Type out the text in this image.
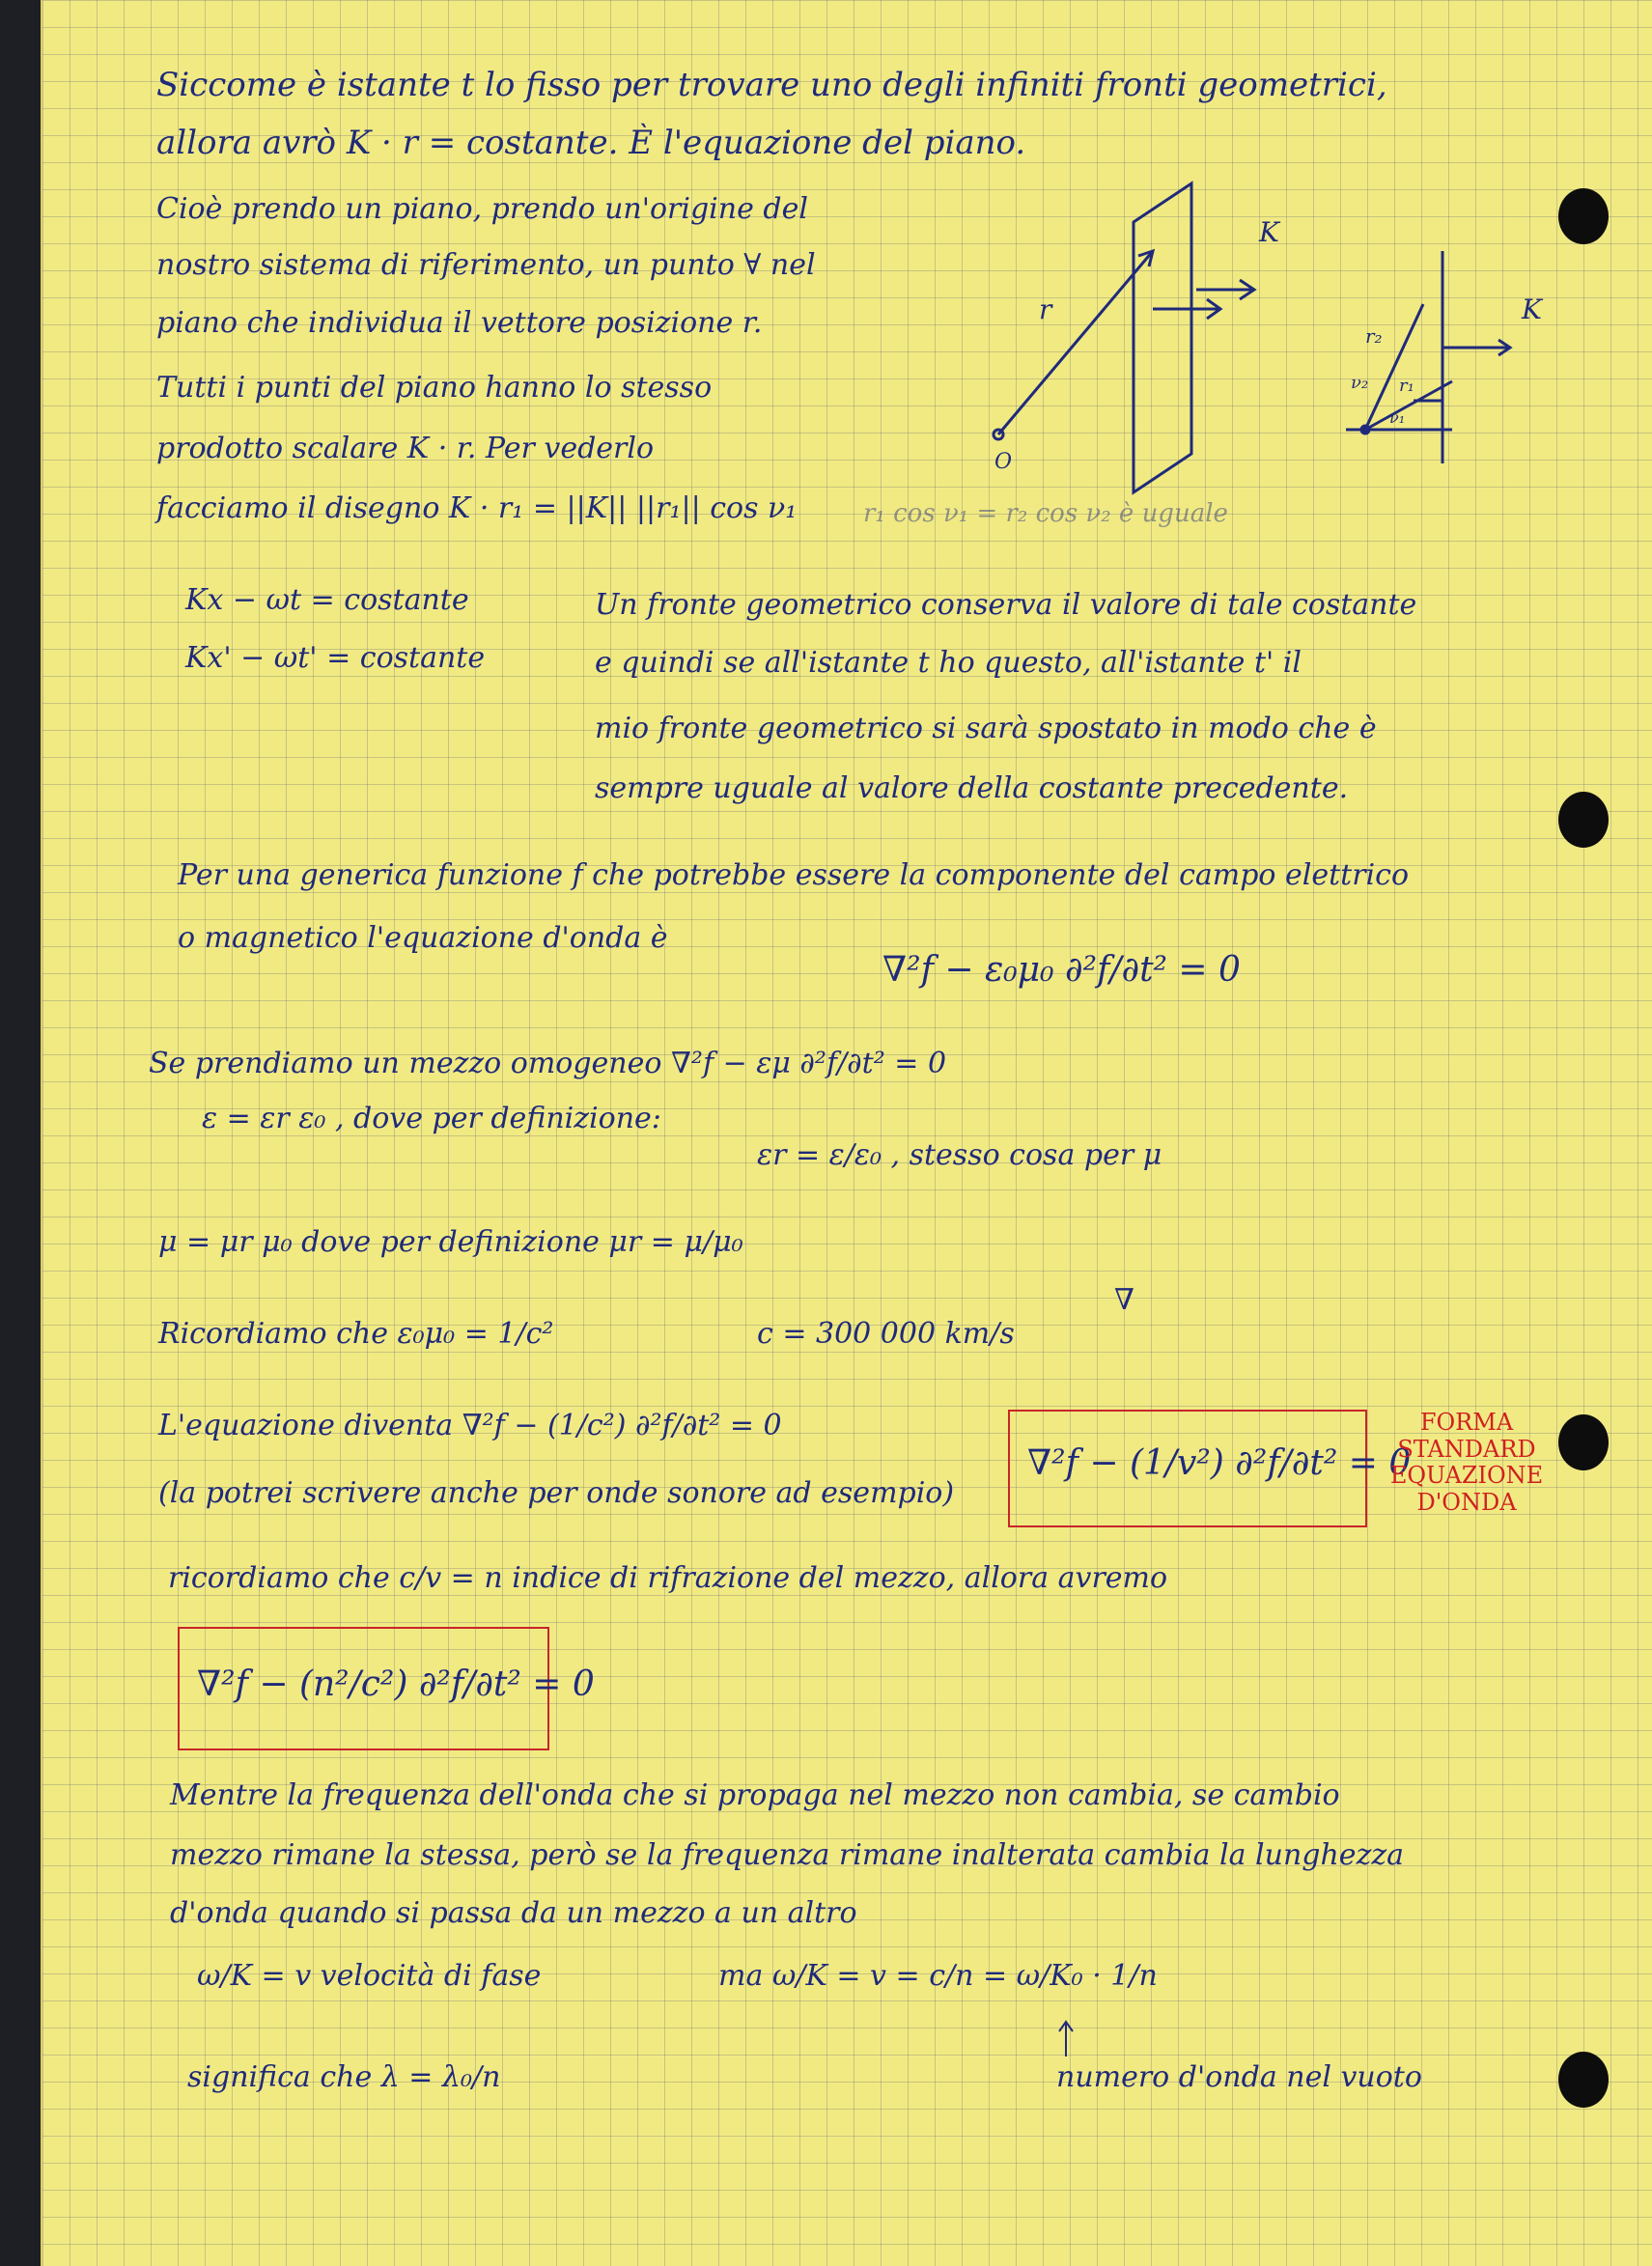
Siccome è istante t lo fisso per trovare uno degli infiniti fronti geometrici,
allora avrò K · r = costante. È l'equazione del piano.
Cioè prendo un piano, prendo un'origine del
nostro sistema di riferimento, un punto ∀ nel
piano che individua il vettore posizione r.
Tutti i punti del piano hanno lo stesso
prodotto scalare K · r. Per vederlo
facciamo il disegno K · r₁ = ||K|| ||r₁|| cos ν₁	r₁ cos ν₁ = r₂ cos ν₂ è uguale
K
r
O
K
r₂
r₁
ν₂
ν₁
Kx − ωt = costante
Kx' − ωt' = costante
Un fronte geometrico conserva il valore di tale costante
e quindi se all'istante t ho questo, all'istante t' il
mio fronte geometrico si sarà spostato in modo che è
sempre uguale al valore della costante precedente.
Per una generica funzione f che potrebbe essere la componente del campo elettrico
o magnetico l'equazione d'onda è
∇²f − ε₀μ₀ ∂²f/∂t² = 0
Se prendiamo un mezzo omogeneo ∇²f − εμ ∂²f/∂t² = 0
ε = εr ε₀ , dove per definizione:
εr = ε/ε₀ , stesso cosa per μ
μ = μr μ₀ dove per definizione μr = μ/μ₀
Ricordiamo che ε₀μ₀ = 1/c²	c = 300 000 km/s
∇
L'equazione diventa ∇²f − (1/c²) ∂²f/∂t² = 0
(la potrei scrivere anche per onde sonore ad esempio)
∇²f − (1/v²) ∂²f/∂t² = 0
FORMA STANDARD EQUAZIONE D'ONDA
ricordiamo che c/v = n indice di rifrazione del mezzo, allora avremo
∇²f − (n²/c²) ∂²f/∂t² = 0
Mentre la frequenza dell'onda che si propaga nel mezzo non cambia, se cambio
mezzo rimane la stessa, però se la frequenza rimane inalterata cambia la lunghezza
d'onda quando si passa da un mezzo a un altro
ω/K = v velocità di fase	ma ω/K = v = c/n = ω/K₀ · 1/n
significa che λ = λ₀/n	numero d'onda nel vuoto
